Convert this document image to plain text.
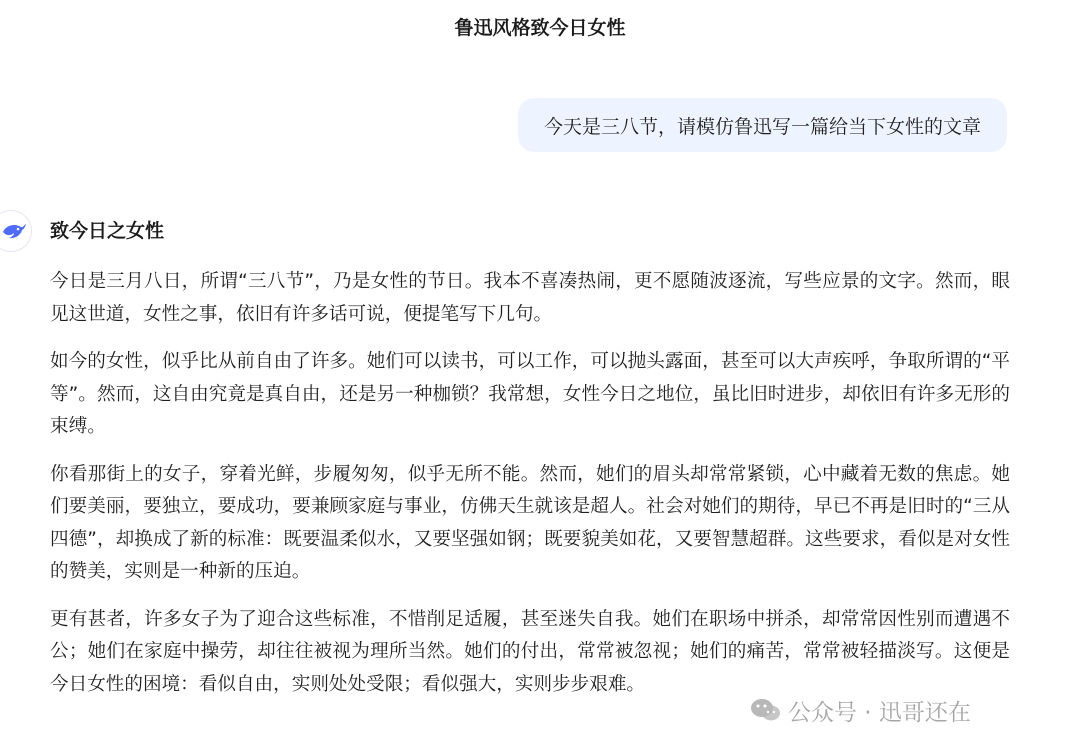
鲁迅风格致今日女性
今天是三八节，请模仿鲁迅写一篇给当下女性的文章
致今日之女性

今日是三月八日，所谓“三八节”，乃是女性的节日。我本不喜凑热闹，更不愿随波逐流，写些应景的文字。然而，眼见这世道，女性之事，依旧有许多话可说，便提笔写下几句。

如今的女性，似乎比从前自由了许多。她们可以读书，可以工作，可以抛头露面，甚至可以大声疾呼，争取所谓的“平等”。然而，这自由究竟是真自由，还是另一种枷锁？我常想，女性今日之地位，虽比旧时进步，却依旧有许多无形的束缚。

你看那街上的女子，穿着光鲜，步履匆匆，似乎无所不能。然而，她们的眉头却常常紧锁，心中藏着无数的焦虑。她们要美丽，要独立，要成功，要兼顾家庭与事业，仿佛天生就该是超人。社会对她们的期待，早已不再是旧时的“三从四德”，却换成了新的标准：既要温柔似水，又要坚强如钢；既要貌美如花，又要智慧超群。这些要求，看似是对女性的赞美，实则是一种新的压迫。

更有甚者，许多女子为了迎合这些标准，不惜削足适履，甚至迷失自我。她们在职场中拼杀，却常常因性别而遭遇不公；她们在家庭中操劳，却往往被视为理所当然。她们的付出，常常被忽视；她们的痛苦，常常被轻描淡写。这便是今日女性的困境：看似自由，实则处处受限；看似强大，实则步步艰难。

公众号 · 迅哥还在
